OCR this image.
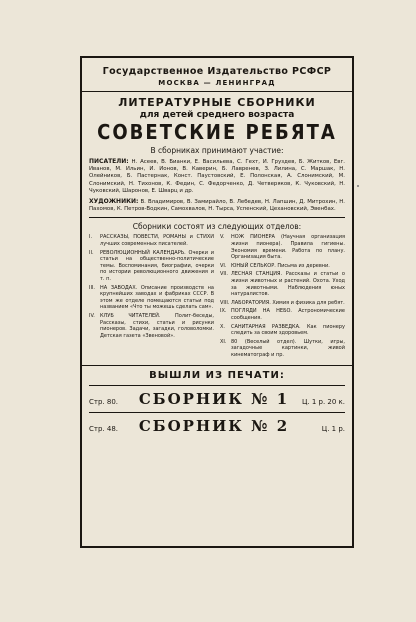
Государственное Издательство РСФСР
МОСКВА — ЛЕНИНГРАД
ЛИТЕРАТУРНЫЕ СБОРНИКИ
для детей среднего возраста
СОВЕТСКИЕ РЕБЯТА
В сборниках принимают участие:
ПИСАТЕЛИ: Н. Асеев, В. Бианки, Е. Васильева, С. Гехт, И. Груздев, Б. Житков, Евг. Иванов, М. Ильин, И. Ионов, В. Каверин, Б. Лавренев, З. Лилина, С. Маршак, Н. Олейников, Б. Пастернак, Конст. Паустовский, Е. Полонская, А. Слонимский, М. Слонимский, Н. Тихонов, К. Федин, С. Федорченко, Д. Четверяков, К. Чуковский, Н. Чуковский, Шаронов, Е. Шварц и др.
ХУДОЖНИКИ: В. Владимиров, В. Замирайло, В. Лебедев, Н. Лапшин, Д. Митрохин, Н. Пахомов, К. Петров-Водкин, Самохвалов, Н. Тырса, Успенский, Цехановский, Эвенбах.
Сборники состоят из следующих отделов:
I.	РАССКАЗЫ, ПОВЕСТИ, РОМАНЫ и СТИХИ лучших современных писателей.
II.	РЕВОЛЮЦИОННЫЙ КАЛЕНДАРЬ. Очерки и статьи на общественно-политические темы. Воспоминания, биографии, очерки по истории революционного движения и т. п.
III. НА ЗАВОДАХ. Описание производств на крупнейших заводах и фабриках СССР. В этом же отделе помещаются статьи под названием «Что ты можешь сделать сам».
IV.	КЛУБ ЧИТАТЕЛЕЙ. Полит-беседы, Рассказы, стихи, статьи и рисунки пионеров. Задачи, загадки, головоломки. Детская газета «Звеновой».
V.	НОЖ ПИОНЕРА (Научная организация жизни пионера). Правила гигиены. Экономия времени. Работа по плану. Организация быта.
VI. ЮНЫЙ СЕЛЬКОР. Письма из деревни.
VII. ЛЕСНАЯ СТАНЦИЯ. Рассказы и статьи о жизни животных и растений. Охота. Уход за животными. Наблюдения юных натуралистов.
VIII. ЛАБОРАТОРИЯ. Химия и физика для ребят.
IX. ПОГЛЯДИ НА НЕБО. Астрономические сообщения.
X.	САНИТАРНАЯ РАЗВЕДКА. Как пионеру следить за своим здоровьем.
XI. 80 (Веселый отдел). Шутки, игры, загадочные картинки, живой кинематограф и пр.
ВЫШЛИ ИЗ ПЕЧАТИ:
Стр. 80.	СБОРНИК № 1	Ц. 1 р. 20 к.
Стр. 48.	СБОРНИК № 2	Ц. 1 р.
